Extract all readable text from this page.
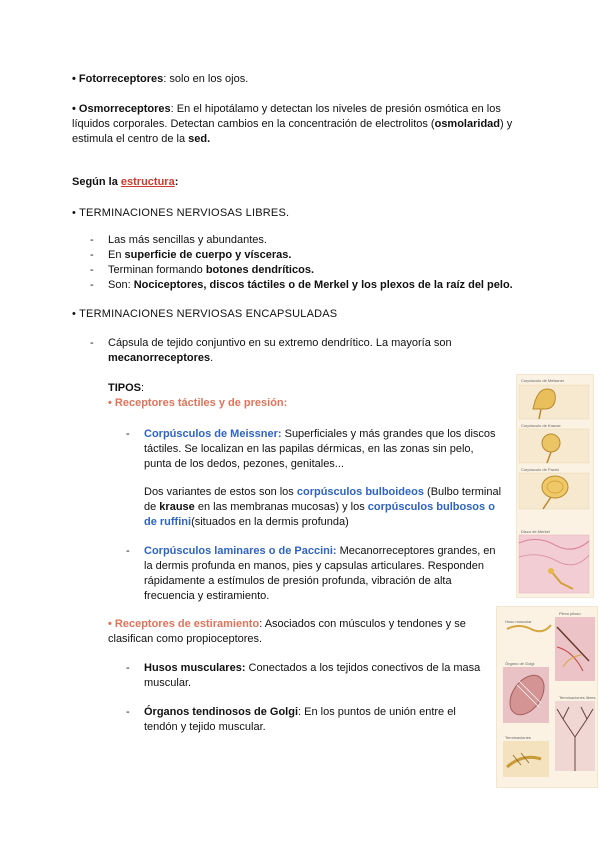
• Fotorreceptores: solo en los ojos.
• Osmorreceptores: En el hipotálamo y detectan los niveles de presión osmótica en los
líquidos corporales. Detectan cambios en la concentración de electrolitos (osmolaridad) y
estimula el centro de la sed.
Según la estructura:
• TERMINACIONES NERVIOSAS LIBRES.
- Las más sencillas y abundantes.
- En superficie de cuerpo y vísceras.
- Terminan formando botones dendríticos.
- Son: Nociceptores, discos táctiles o de Merkel y los plexos de la raíz del pelo.
• TERMINACIONES NERVIOSAS ENCAPSULADAS
- Cápsula de tejido conjuntivo en su extremo dendrítico. La mayoría son
mecanorreceptores.
TIPOS:
• Receptores táctiles y de presión:
- Corpúsculos de Meissner: Superficiales y más grandes que los discos
táctiles. Se localizan en las papilas dérmicas, en las zonas sin pelo,
punta de los dedos, pezones, genitales...
Dos variantes de estos son los corpúsculos bulboideos (Bulbo terminal
de krause en las membranas mucosas) y los corpúsculos bulbosos o
de ruffini(situados en la dermis profunda)
- Corpúsculos laminares o de Paccini: Mecanorreceptores grandes, en
la dermis profunda en manos, pies y capsulas articulares. Responden
rápidamente a estímulos de presión profunda, vibración de alta
frecuencia y estiramiento.
• Receptores de estiramiento: Asociados con músculos y tendones y se
clasifican como propioceptores.
- Husos musculares: Conectados a los tejidos conectivos de la masa
muscular.
- Órganos tendinosos de Golgi: En los puntos de unión entre el
tendón y tejido muscular.
Corpúsculo de Meissner
Corpúsculo de Krause
Corpúsculo de Pacini
Disco de Merkel
Huso muscular
Plexo piloso
Órgano de Golgi
Terminaciones libres
Terminaciones
